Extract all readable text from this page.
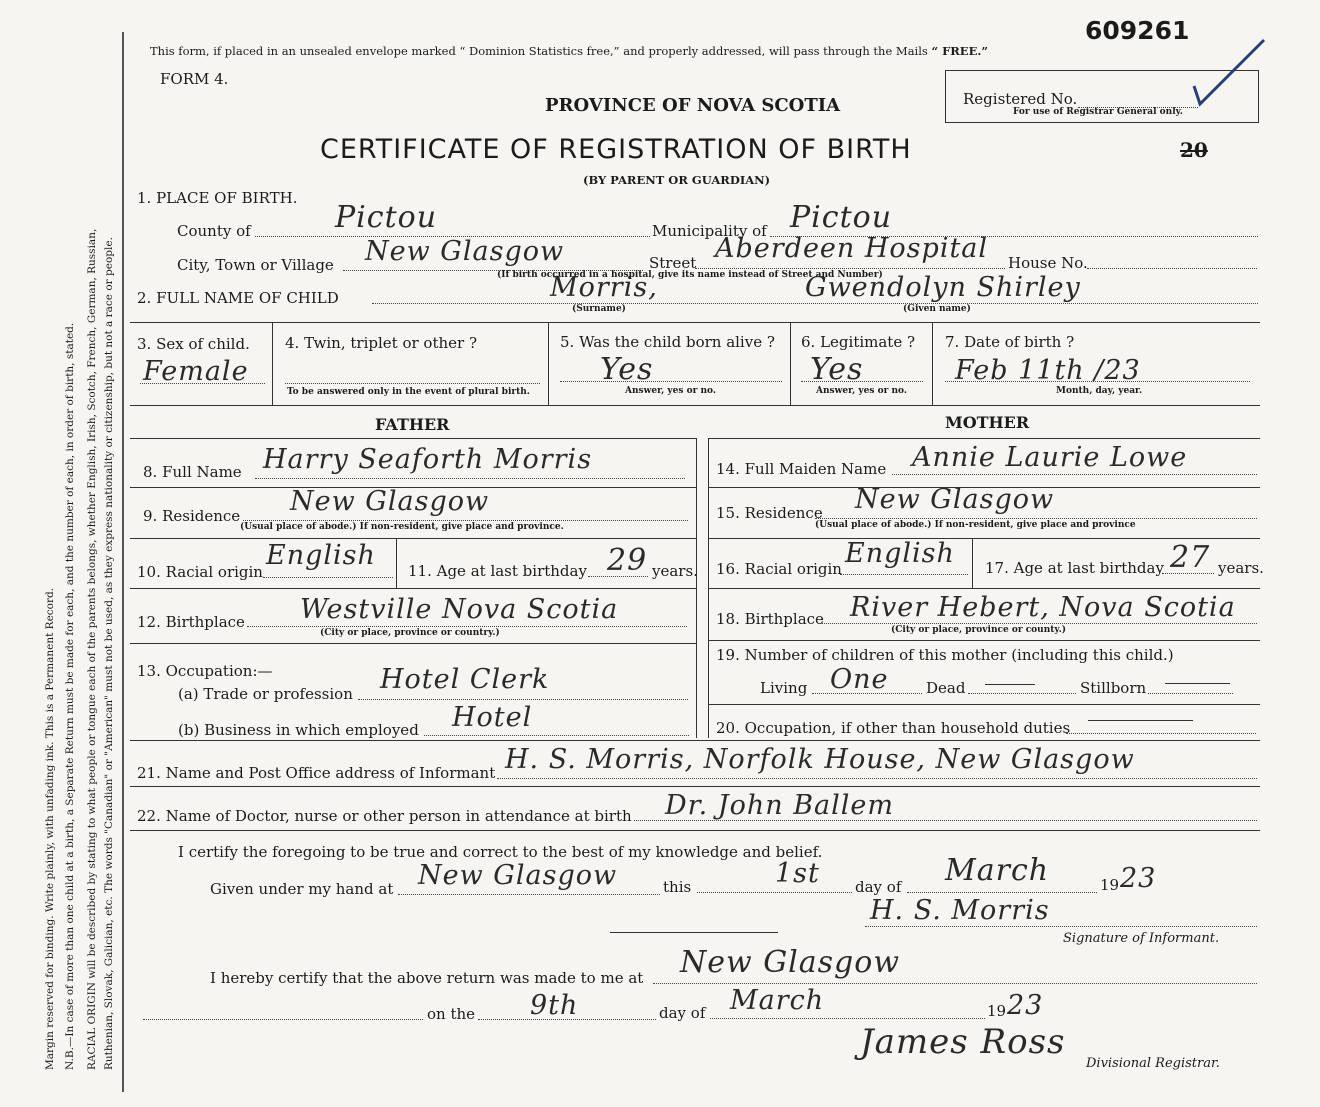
Margin reserved for binding. Write plainly, with unfading ink. This is a Permanent Record. N.B.—In case of more than one child at a birth, a Separate Return must be made for each, and the number of each, in order of birth, stated. RACIAL ORIGIN will be described by stating to what people or tongue each of the parents belongs, whether English, Irish, Scotch, French, German, Russian, Ruthenian, Slovak, Galician, etc. The words "Canadian" or "American" must not be used, as they express nationality or citizenship, but not a race or people.
This form, if placed in an unsealed envelope marked “ Dominion Statistics free,” and properly addressed, will pass through the Mails “ FREE.”
FORM 4.
609261
PROVINCE OF NOVA SCOTIA
CERTIFICATE OF REGISTRATION OF BIRTH
(BY PARENT OR GUARDIAN)
Registered No.
For use of Registrar General only.
20
1. PLACE OF BIRTH.
County of	Pictou	Municipality of Pictou
City, Town or Village New Glasgow	Street Aberdeen Hospital House No.
(If birth occurred in a hospital, give its name instead of Street and Number)
2. FULL NAME OF CHILD	Morris,	Gwendolyn Shirley
(Surname)	(Given name)
3. Sex of child.
Female
4. Twin, triplet or other ?
To be answered only in the event of plural birth.
5. Was the child born alive ?
Yes
Answer, yes or no.
6. Legitimate ?
Yes
Answer, yes or no.
7. Date of birth ?
Feb 11th /23
Month, day, year.
FATHER	MOTHER
8. Full Name Harry Seaforth Morris
9. Residence New Glasgow
(Usual place of abode.) If non-resident, give place and province.
10. Racial origin
English 11. Age at last birthday 29 years.
12. Birthplace Westville Nova Scotia
(City or place, province or country.)
13. Occupation:—
(a) Trade or profession Hotel Clerk
(b) Business in which employed Hotel
14. Full Maiden Name Annie Laurie Lowe
15. Residence New Glasgow
(Usual place of abode.) If non-resident, give place and province
16. Racial origin English 17. Age at last birthday 27 years.
18. Birthplace River Hebert, Nova Scotia
(City or place, province or county.)
19. Number of children of this mother (including this child.)
Living One Dead	Stillborn
20. Occupation, if other than household duties
21. Name and Post Office address of Informant H. S. Morris, Norfolk House, New Glasgow
22. Name of Doctor, nurse or other person in attendance at birth Dr. John Ballem
I certify the foregoing to be true and correct to the best of my knowledge and belief.
Given under my hand at New Glasgow	this	1st day of March	19 23
H. S. Morris
Signature of Informant.
I hereby certify that the above return was made to me at New Glasgow
on the 9th	day of March	19 23
James Ross
Divisional Registrar.
